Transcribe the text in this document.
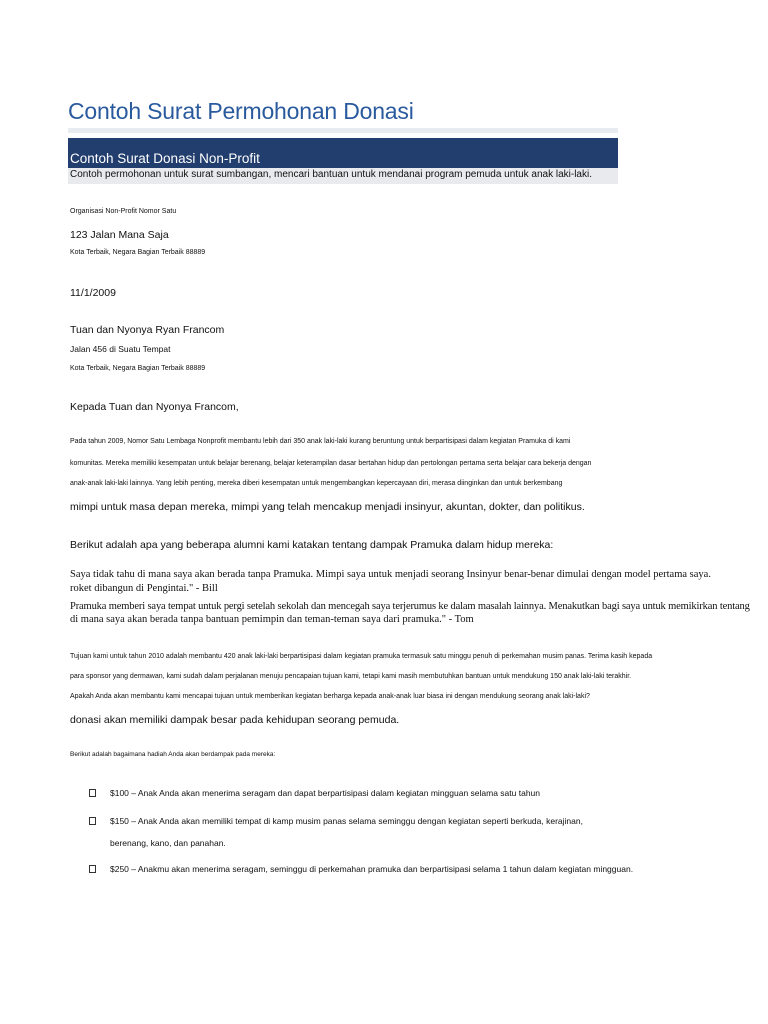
Contoh Surat Permohonan Donasi
Contoh Surat Donasi Non-Profit
Contoh permohonan untuk surat sumbangan, mencari bantuan untuk mendanai program pemuda untuk anak laki-laki.
Organisasi Non-Profit Nomor Satu
123 Jalan Mana Saja
Kota Terbaik, Negara Bagian Terbaik 88889
11/1/2009
Tuan dan Nyonya Ryan Francom
Jalan 456 di Suatu Tempat
Kota Terbaik, Negara Bagian Terbaik 88889
Kepada Tuan dan Nyonya Francom,
Pada tahun 2009, Nomor Satu Lembaga Nonprofit membantu lebih dari 350 anak laki-laki kurang beruntung untuk berpartisipasi dalam kegiatan Pramuka di kami
komunitas. Mereka memiliki kesempatan untuk belajar berenang, belajar keterampilan dasar bertahan hidup dan pertolongan pertama serta belajar cara bekerja dengan
anak-anak laki-laki lainnya. Yang lebih penting, mereka diberi kesempatan untuk mengembangkan kepercayaan diri, merasa diinginkan dan untuk berkembang
mimpi untuk masa depan mereka, mimpi yang telah mencakup menjadi insinyur, akuntan, dokter, dan politikus.
Berikut adalah apa yang beberapa alumni kami katakan tentang dampak Pramuka dalam hidup mereka:
Saya tidak tahu di mana saya akan berada tanpa Pramuka. Mimpi saya untuk menjadi seorang Insinyur benar-benar dimulai dengan model pertama saya.
roket dibangun di Pengintai." - Bill
Pramuka memberi saya tempat untuk pergi setelah sekolah dan mencegah saya terjerumus ke dalam masalah lainnya. Menakutkan bagi saya untuk memikirkan tentang
di mana saya akan berada tanpa bantuan pemimpin dan teman-teman saya dari pramuka." - Tom
Tujuan kami untuk tahun 2010 adalah membantu 420 anak laki-laki berpartisipasi dalam kegiatan pramuka termasuk satu minggu penuh di perkemahan musim panas. Terima kasih kepada
para sponsor yang dermawan, kami sudah dalam perjalanan menuju pencapaian tujuan kami, tetapi kami masih membutuhkan bantuan untuk mendukung 150 anak laki-laki terakhir.
Apakah Anda akan membantu kami mencapai tujuan untuk memberikan kegiatan berharga kepada anak-anak luar biasa ini dengan mendukung seorang anak laki-laki?
donasi akan memiliki dampak besar pada kehidupan seorang pemuda.
Berikut adalah bagaimana hadiah Anda akan berdampak pada mereka:
$100 – Anak Anda akan menerima seragam dan dapat berpartisipasi dalam kegiatan mingguan selama satu tahun
$150 – Anak Anda akan memiliki tempat di kamp musim panas selama seminggu dengan kegiatan seperti berkuda, kerajinan,
berenang, kano, dan panahan.
$250 – Anakmu akan menerima seragam, seminggu di perkemahan pramuka dan berpartisipasi selama 1 tahun dalam kegiatan mingguan.
